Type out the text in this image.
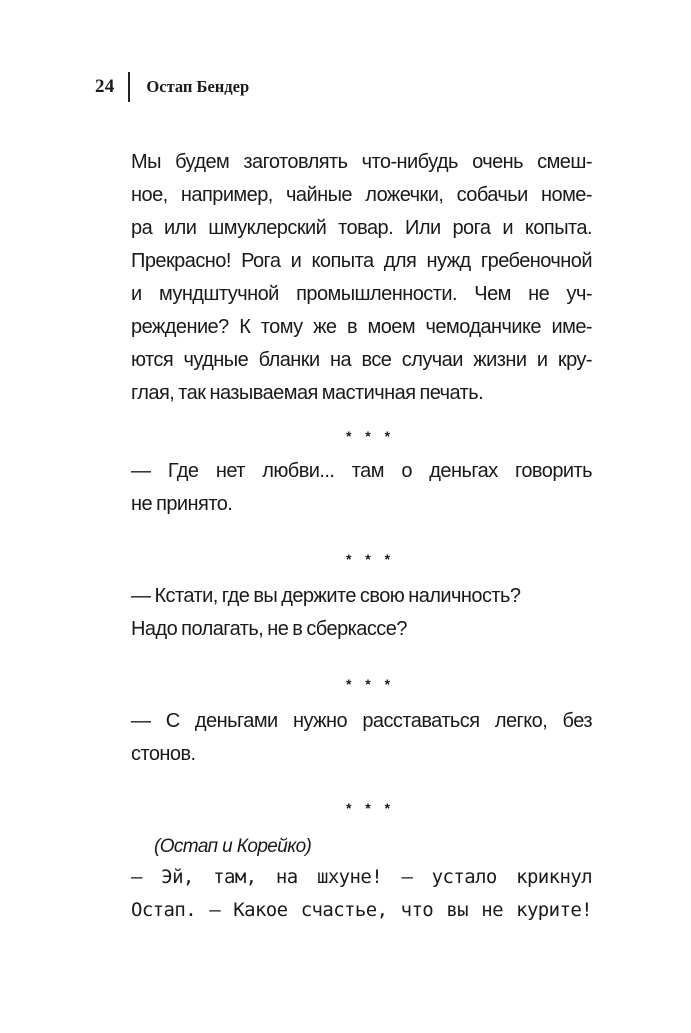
24 Остап Бендер
Мы будем заготовлять что-нибудь очень смеш-
ное, например, чайные ложечки, собачьи номе-
ра или шмуклерский товар. Или рога и копыта.
Прекрасно! Рога и копыта для нужд гребеночной
и мундштучной промышленности. Чем не уч-
реждение? К тому же в моем чемоданчике име-
ются чудные бланки на все случаи жизни и кру-
глая, так называемая мастичная печать.
* * *
— Где нет любви... там о деньгах говорить
не принято.
* * *
— Кстати, где вы держите свою наличность?
Надо полагать, не в сберкассе?
* * *
— С деньгами нужно расставаться легко, без
стонов.
* * *
(Остап и Корейко)
— Эй, там, на шхуне! — устало крикнул
Остап. — Какое счастье, что вы не курите!
